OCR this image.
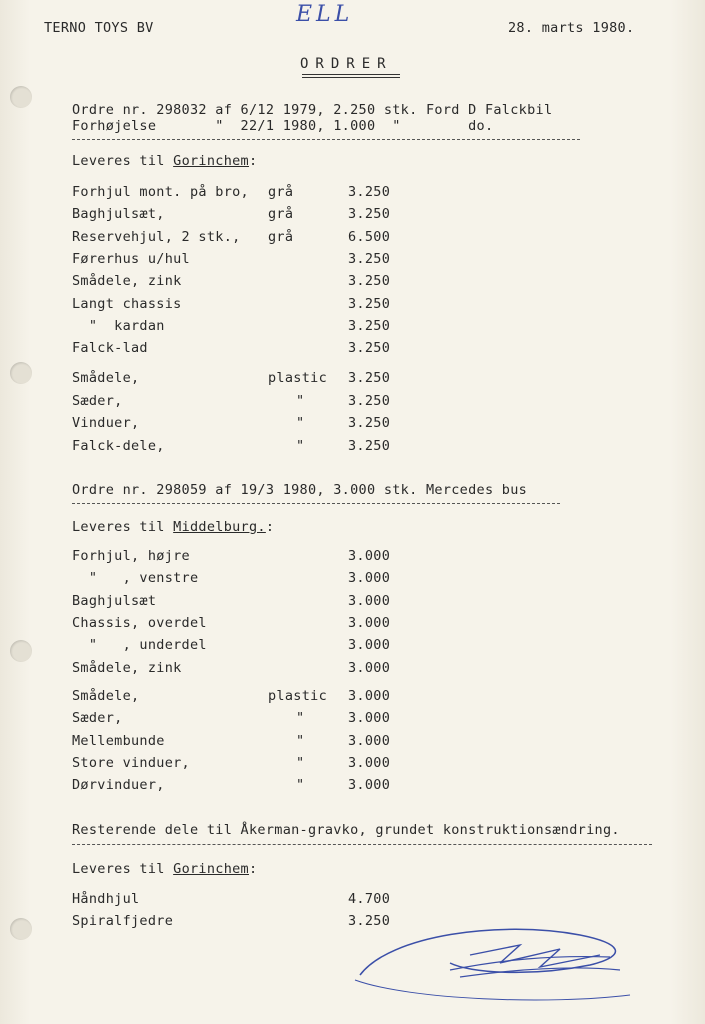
TERNO TOYS BV
ELL
28. marts 1980.
ORDRER
Ordre nr. 298032 af 6/12 1979, 2.250 stk. Ford D Falckbil
Forhøjelse       "  22/1 1980, 1.000  "        do.
Leveres til Gorinchem:
Forhjul mont. på bro, grå	3.250
Baghjulsæt,	grå	3.250
Reservehjul, 2 stk., grå	6.500
Førerhus u/hul	3.250
Smådele, zink	3.250
Langt chassis	3.250
"  kardan	3.250
Falck-lad	3.250
Smådele,	plastic 3.250
Sæder,	"	3.250
Vinduer,	"	3.250
Falck-dele,	"	3.250
Ordre nr. 298059 af 19/3 1980, 3.000 stk. Mercedes bus
Leveres til Middelburg.:
Forhjul, højre	3.000
"   , venstre	3.000
Baghjulsæt	3.000
Chassis, overdel	3.000
"   , underdel	3.000
Smådele, zink	3.000
Smådele,	plastic 3.000
Sæder,	"	3.000
Mellembunde	"	3.000
Store vinduer,	"	3.000
Dørvinduer,	"	3.000
Resterende dele til Åkerman-gravko, grundet konstruktionsændring.
Leveres til Gorinchem:
Håndhjul	4.700
Spiralfjedre	3.250
